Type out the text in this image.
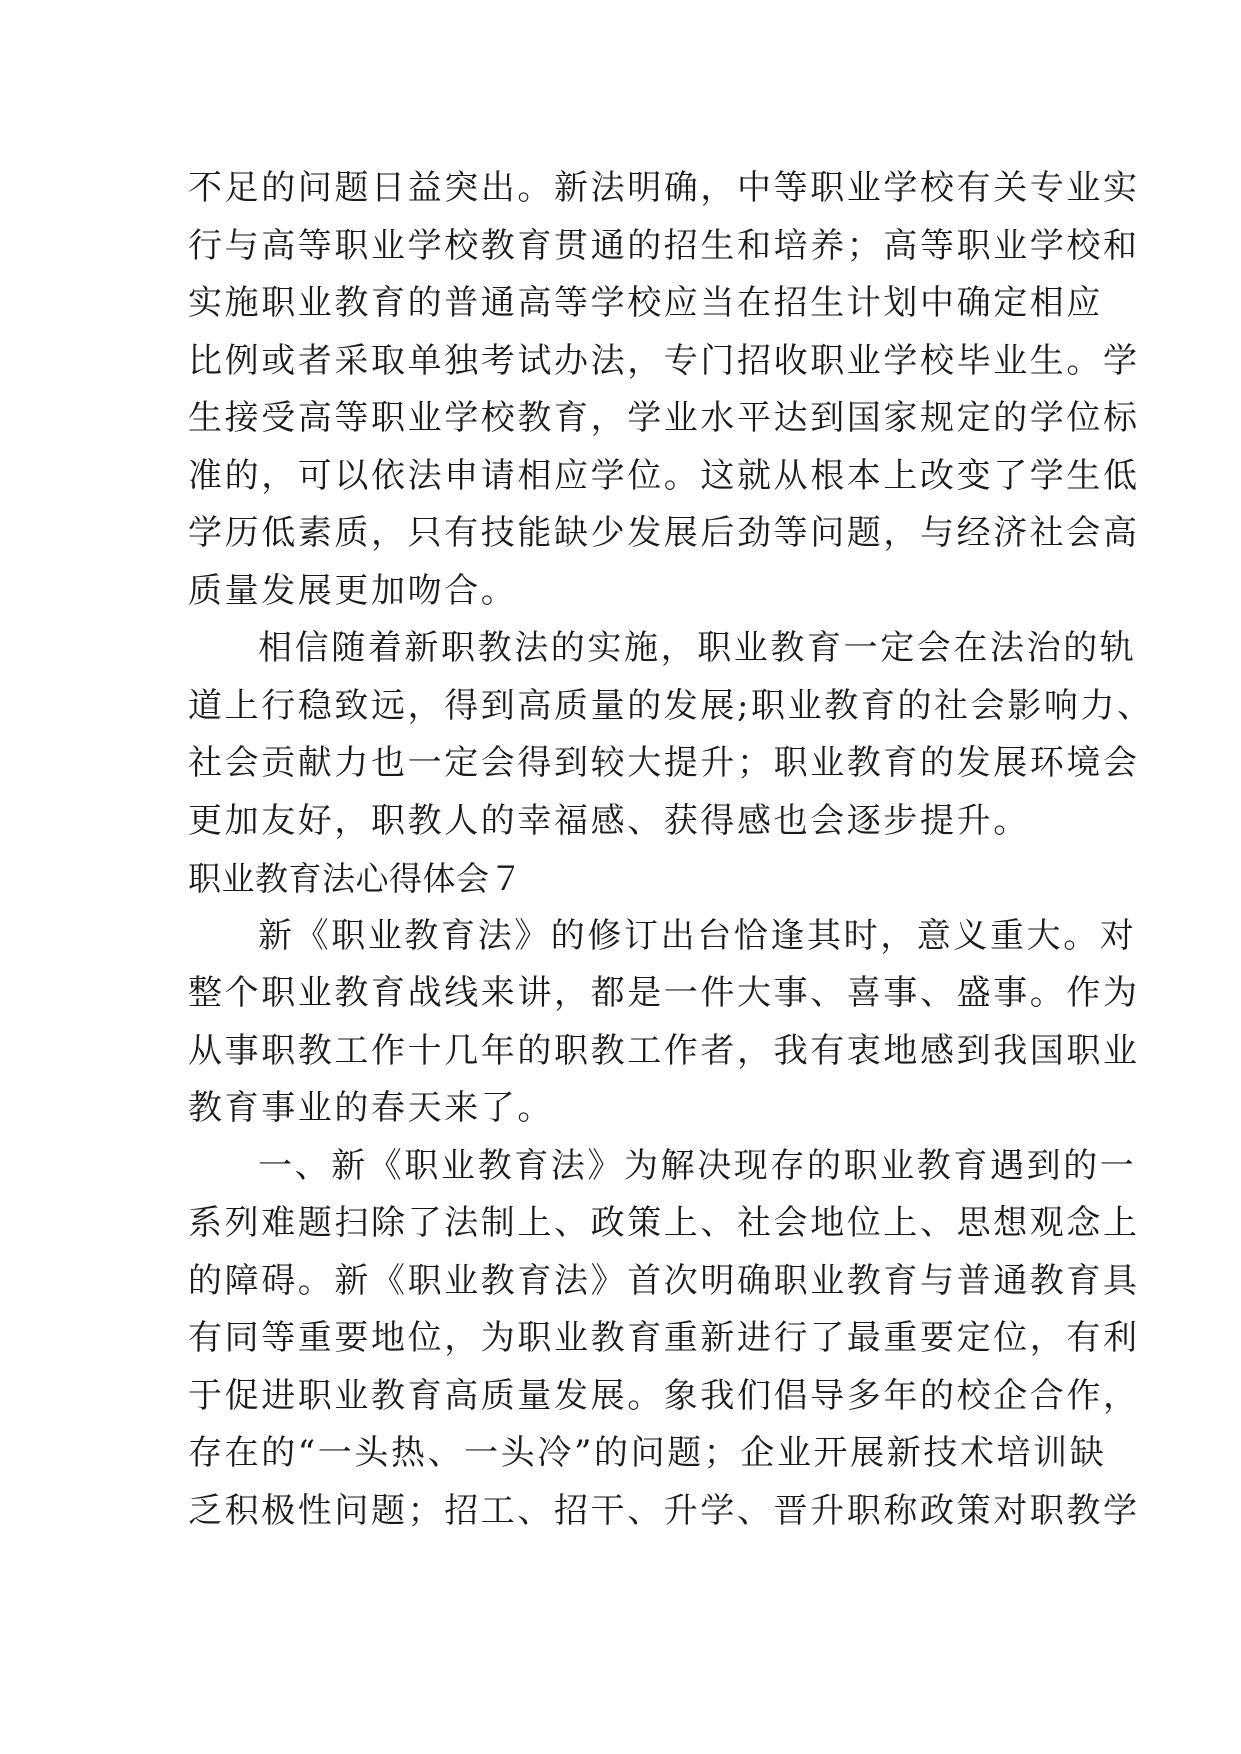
不足的问题日益突出。新法明确，中等职业学校有关专业实
行与高等职业学校教育贯通的招生和培养；高等职业学校和
实施职业教育的普通高等学校应当在招生计划中确定相应
比例或者采取单独考试办法，专门招收职业学校毕业生。学
生接受高等职业学校教育，学业水平达到国家规定的学位标
准的，可以依法申请相应学位。这就从根本上改变了学生低
学历低素质，只有技能缺少发展后劲等问题，与经济社会高
质量发展更加吻合。
相信随着新职教法的实施，职业教育一定会在法治的轨
道上行稳致远，得到高质量的发展;职业教育的社会影响力、
社会贡献力也一定会得到较大提升；职业教育的发展环境会
更加友好，职教人的幸福感、获得感也会逐步提升。
职业教育法心得体会７
新《职业教育法》的修订出台恰逢其时，意义重大。对
整个职业教育战线来讲，都是一件大事、喜事、盛事。作为
从事职教工作十几年的职教工作者，我有衷地感到我国职业
教育事业的春天来了。
一、新《职业教育法》为解决现存的职业教育遇到的一
系列难题扫除了法制上、政策上、社会地位上、思想观念上
的障碍。新《职业教育法》首次明确职业教育与普通教育具
有同等重要地位，为职业教育重新进行了最重要定位，有利
于促进职业教育高质量发展。象我们倡导多年的校企合作，
存在的“一头热、一头冷”的问题；企业开展新技术培训缺
乏积极性问题；招工、招干、升学、晋升职称政策对职教学
